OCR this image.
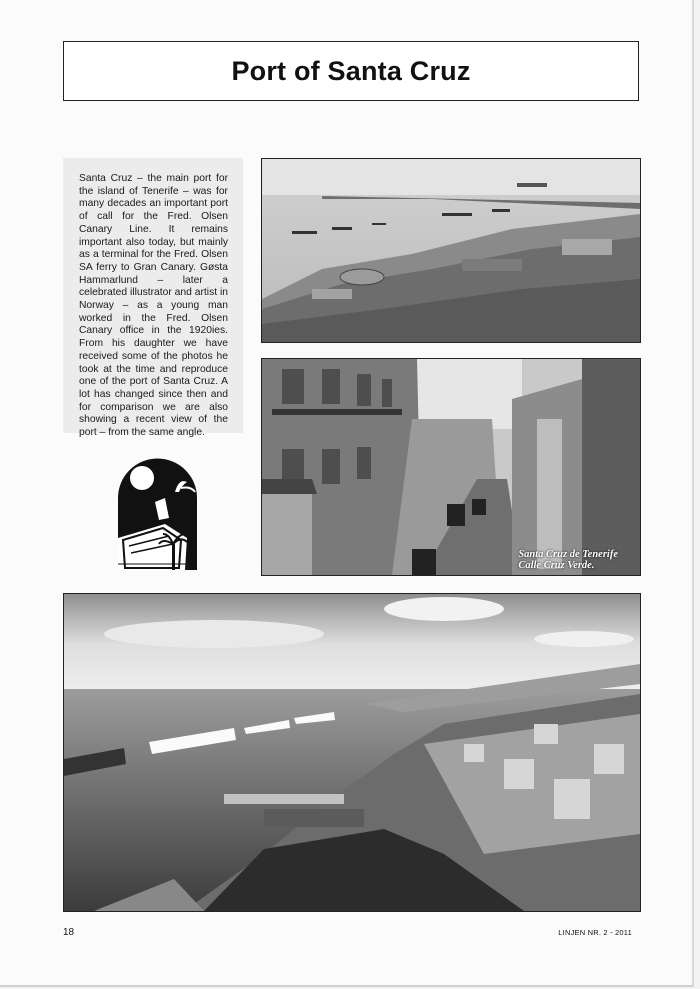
Port of Santa Cruz

Santa Cruz – the main port for the island of Tenerife – was for many decades an important port of call for the Fred. Olsen Canary Line. It remains important also today, but mainly as a terminal for the Fred. Olsen SA ferry to Gran Canary. Gøsta Hammarlund – later a celebrated illustrator and artist in Norway – as a young man worked in the Fred. Olsen Canary office in the 1920ies. From his daughter we have received some of the photos he took at the time and reproduce one of the port of Santa Cruz. A lot has changed since then and for comparison we are also showing a recent view of the port – from the same angle.

Santa Cruz de Tenerife
Calle Cruz Verde.
18	LINJEN NR. 2 - 2011
